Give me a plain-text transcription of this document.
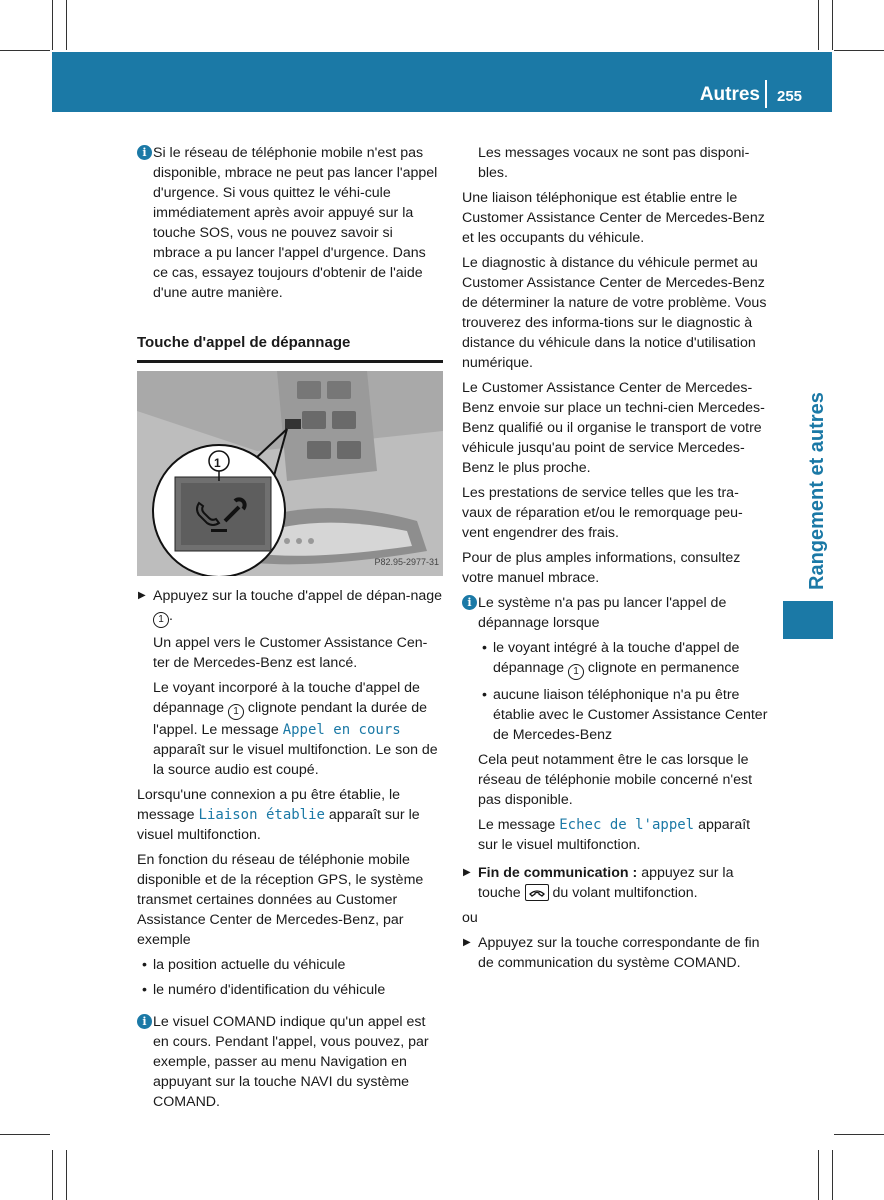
Autres 255
Rangement et autres
i Si le réseau de téléphonie mobile n'est pas disponible, mbrace ne peut pas lancer l'appel d'urgence. Si vous quittez le véhi-cule immédiatement après avoir appuyé sur la touche SOS, vous ne pouvez savoir si mbrace a pu lancer l'appel d'urgence. Dans ce cas, essayez toujours d'obtenir de l'aide d'une autre manière.
Touche d'appel de dépannage
1
P82.95-2977-31
▶ Appuyez sur la touche d'appel de dépan-nage 1 .

Un appel vers le Customer Assistance Cen-ter de Mercedes-Benz est lancé.

Le voyant incorporé à la touche d'appel de dépannage 1 clignote pendant la durée de l'appel. Le message Appel en cours apparaît sur le visuel multifonction. Le son de la source audio est coupé.

Lorsqu'une connexion a pu être établie, le message Liaison établie apparaît sur le visuel multifonction.

En fonction du réseau de téléphonie mobile disponible et de la réception GPS, le système transmet certaines données au Customer Assistance Center de Mercedes-Benz, par exemple

• la position actuelle du véhicule
• le numéro d'identification du véhicule
i Le visuel COMAND indique qu'un appel est en cours. Pendant l'appel, vous pouvez, par exemple, passer au menu Navigation en appuyant sur la touche NAVI du système COMAND.

Les messages vocaux ne sont pas disponi-bles.

Une liaison téléphonique est établie entre le Customer Assistance Center de Mercedes-Benz et les occupants du véhicule.

Le diagnostic à distance du véhicule permet au Customer Assistance Center de Mercedes-Benz de déterminer la nature de votre problème. Vous trouverez des informa-tions sur le diagnostic à distance du véhicule dans la notice d'utilisation numérique.

Le Customer Assistance Center de Mercedes-Benz envoie sur place un techni-cien Mercedes-Benz qualifié ou il organise le transport de votre véhicule jusqu'au point de service Mercedes-Benz le plus proche.

Les prestations de service telles que les tra-vaux de réparation et/ou le remorquage peu-vent engendrer des frais.

Pour de plus amples informations, consultez votre manuel mbrace.

i Le système n'a pas pu lancer l'appel de dépannage lorsque
• le voyant intégré à la touche d'appel de dépannage 1 clignote en permanence
• aucune liaison téléphonique n'a pu être établie avec le Customer Assistance Center de Mercedes-Benz

Cela peut notamment être le cas lorsque le réseau de téléphonie mobile concerné n'est pas disponible.

Le message Echec de l'appel apparaît sur le visuel multifonction.

▶ Fin de communication : appuyez sur la touche du volant multifonction.

ou

▶ Appuyez sur la touche correspondante de fin de communication du système COMAND.
